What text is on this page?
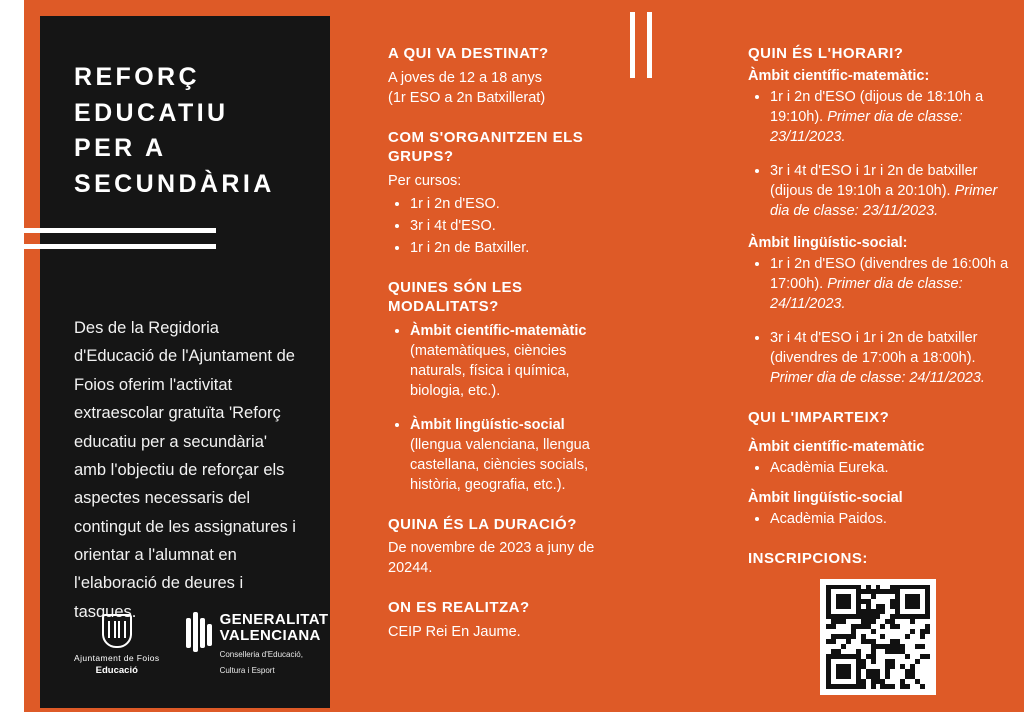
REFORÇ EDUCATIU PER A SECUNDÀRIA
Des de la Regidoria d'Educació de l'Ajuntament de Foios oferim l'activitat extraescolar gratuïta 'Reforç educatiu per a secundària' amb l'objectiu de reforçar els aspectes necessaris del contingut de les assignatures i orientar a l'alumnat en l'elaboració de deures i tasques.
Ajuntament de Foios
Educació
GENERALITAT
VALENCIANA
Conselleria d'Educació,
Cultura i Esport
A QUI VA DESTINAT?

A joves de 12 a 18 anys

(1r ESO a 2n Batxillerat)

COM S'ORGANITZEN ELS GRUPS?

Per cursos:

• 1r i 2n d'ESO.
• 3r i 4t d'ESO.
• 1r i 2n de Batxiller.
QUINES SÓN LES MODALITATS?
• Àmbit científic-matemàtic
(matemàtiques, ciències naturals, física i química, biologia, etc.).
• Àmbit lingüístic-social
(llengua valenciana, llengua castellana, ciències socials, història, geografia, etc.).
QUINA ÉS LA DURACIÓ?

De novembre de 2023 a juny de 20244.

ON ES REALITZA?

CEIP Rei En Jaume.

QUIN ÉS L'HORARI?
Àmbit científic-matemàtic:
• 1r i 2n d'ESO (dijous de 18:10h a 19:10h). Primer dia de classe: 23/11/2023.
• 3r i 4t d'ESO i 1r i 2n de batxiller (dijous de 19:10h a 20:10h). Primer dia de classe: 23/11/2023.
Àmbit lingüístic-social:
• 1r i 2n d'ESO (divendres de 16:00h a 17:00h). Primer dia de classe: 24/11/2023.
• 3r i 4t d'ESO i 1r i 2n de batxiller (divendres de 17:00h a 18:00h). Primer dia de classe: 24/11/2023.
QUI L'IMPARTEIX?
Àmbit científic-matemàtic
• Acadèmia Eureka.
Àmbit lingüístic-social
• Acadèmia Paidos.
INSCRIPCIONS:
